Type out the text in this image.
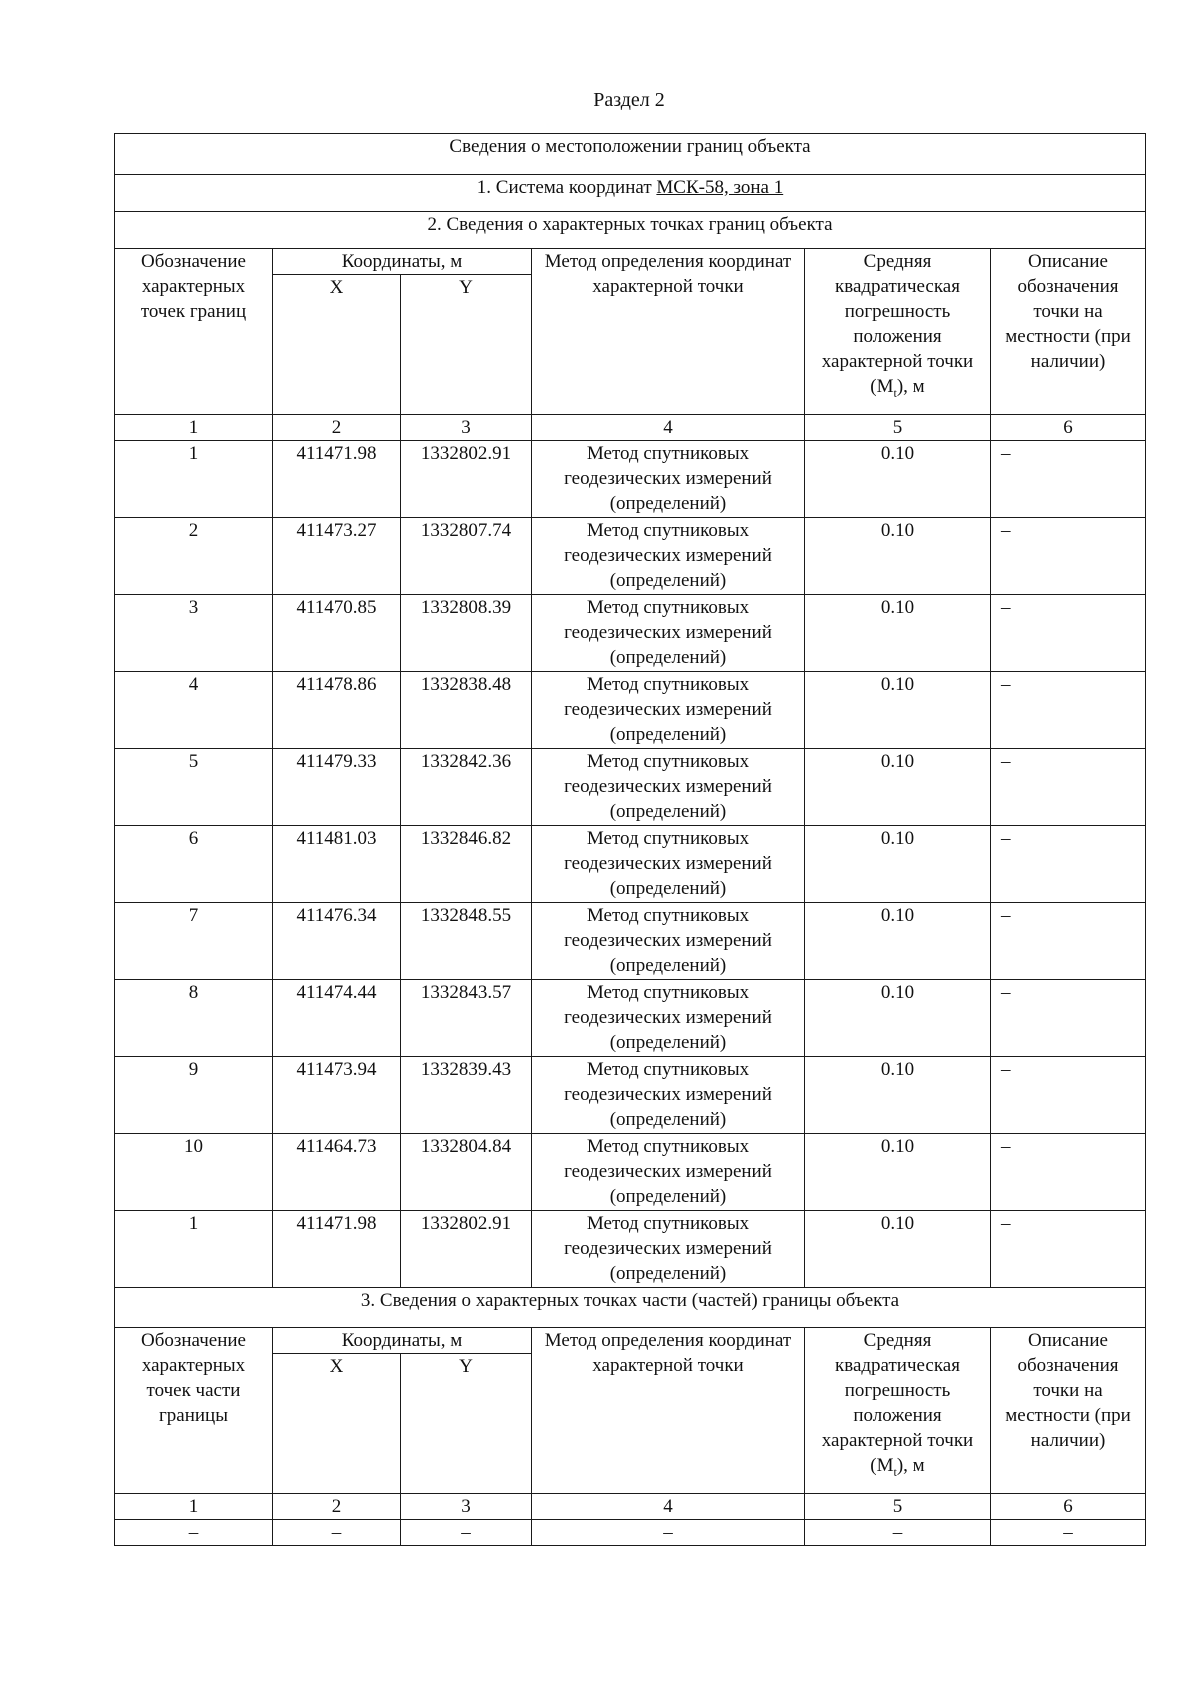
Раздел 2
Сведения о местоположении границ объекта					
1. Система координат МСК-58, зона 1					
2. Сведения о характерных точках границ объекта					
Обозначение характерных точек границ	Координаты, м		Метод определения координат характерной точки	Средняя квадратическая погрешность положения характерной точки $(M_t)$, м	Описание обозначения точки на местности (при наличии)
	X	Y			
1	2	3	4	5	6
1	411471.98	1332802.91	Метод спутниковых геодезических измерений (определений)	0.10	–
2	411473.27	1332807.74	Метод спутниковых геодезических измерений (определений)	0.10	–
3	411470.85	1332808.39	Метод спутниковых геодезических измерений (определений)	0.10	–
4	411478.86	1332838.48	Метод спутниковых геодезических измерений (определений)	0.10	–
5	411479.33	1332842.36	Метод спутниковых геодезических измерений (определений)	0.10	–
6	411481.03	1332846.82	Метод спутниковых геодезических измерений (определений)	0.10	–
7	411476.34	1332848.55	Метод спутниковых геодезических измерений (определений)	0.10	–
8	411474.44	1332843.57	Метод спутниковых геодезических измерений (определений)	0.10	–
9	411473.94	1332839.43	Метод спутниковых геодезических измерений (определений)	0.10	–
10	411464.73	1332804.84	Метод спутниковых геодезических измерений (определений)	0.10	–
1	411471.98	1332802.91	Метод спутниковых геодезических измерений (определений)	0.10	–
3. Сведения о характерных точках части (частей) границы объекта					
Обозначение характерных точек части границы	Координаты, м		Метод определения координат характерной точки	Средняя квадратическая погрешность положения характерной точки $(M_t)$, м	Описание обозначения точки на местности (при наличии)
	X	Y			
1	2	3	4	5	6
–	–	–	–	–	–
